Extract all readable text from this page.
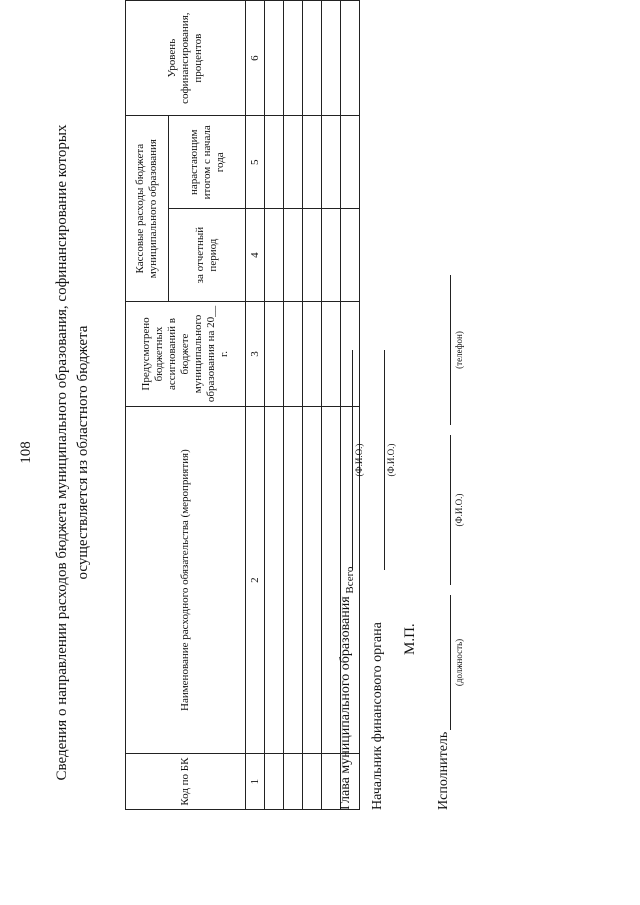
108 Сведения о направлении расходов бюджета муниципального образования, софинансирование которых осуществляется из областного бюджета
Код по БК	Наименование расходного обязательства (мероприятия)	Предусмотрено бюджетных ассигнований в бюджете муниципального образования на 20__ г.	Кассовые расходы бюджета муниципального образования		Уровень софинансирования, процентов
			за отчетный период	нарастающим итогом с начала года	
1	2	3	4	5	6

	Всего				
Глава муниципального образования
(Ф.И.О.)
Начальник финансового органа
(Ф.И.О.)
М.П.
Исполнитель
(должность)
(Ф.И.О.)
(телефон)
